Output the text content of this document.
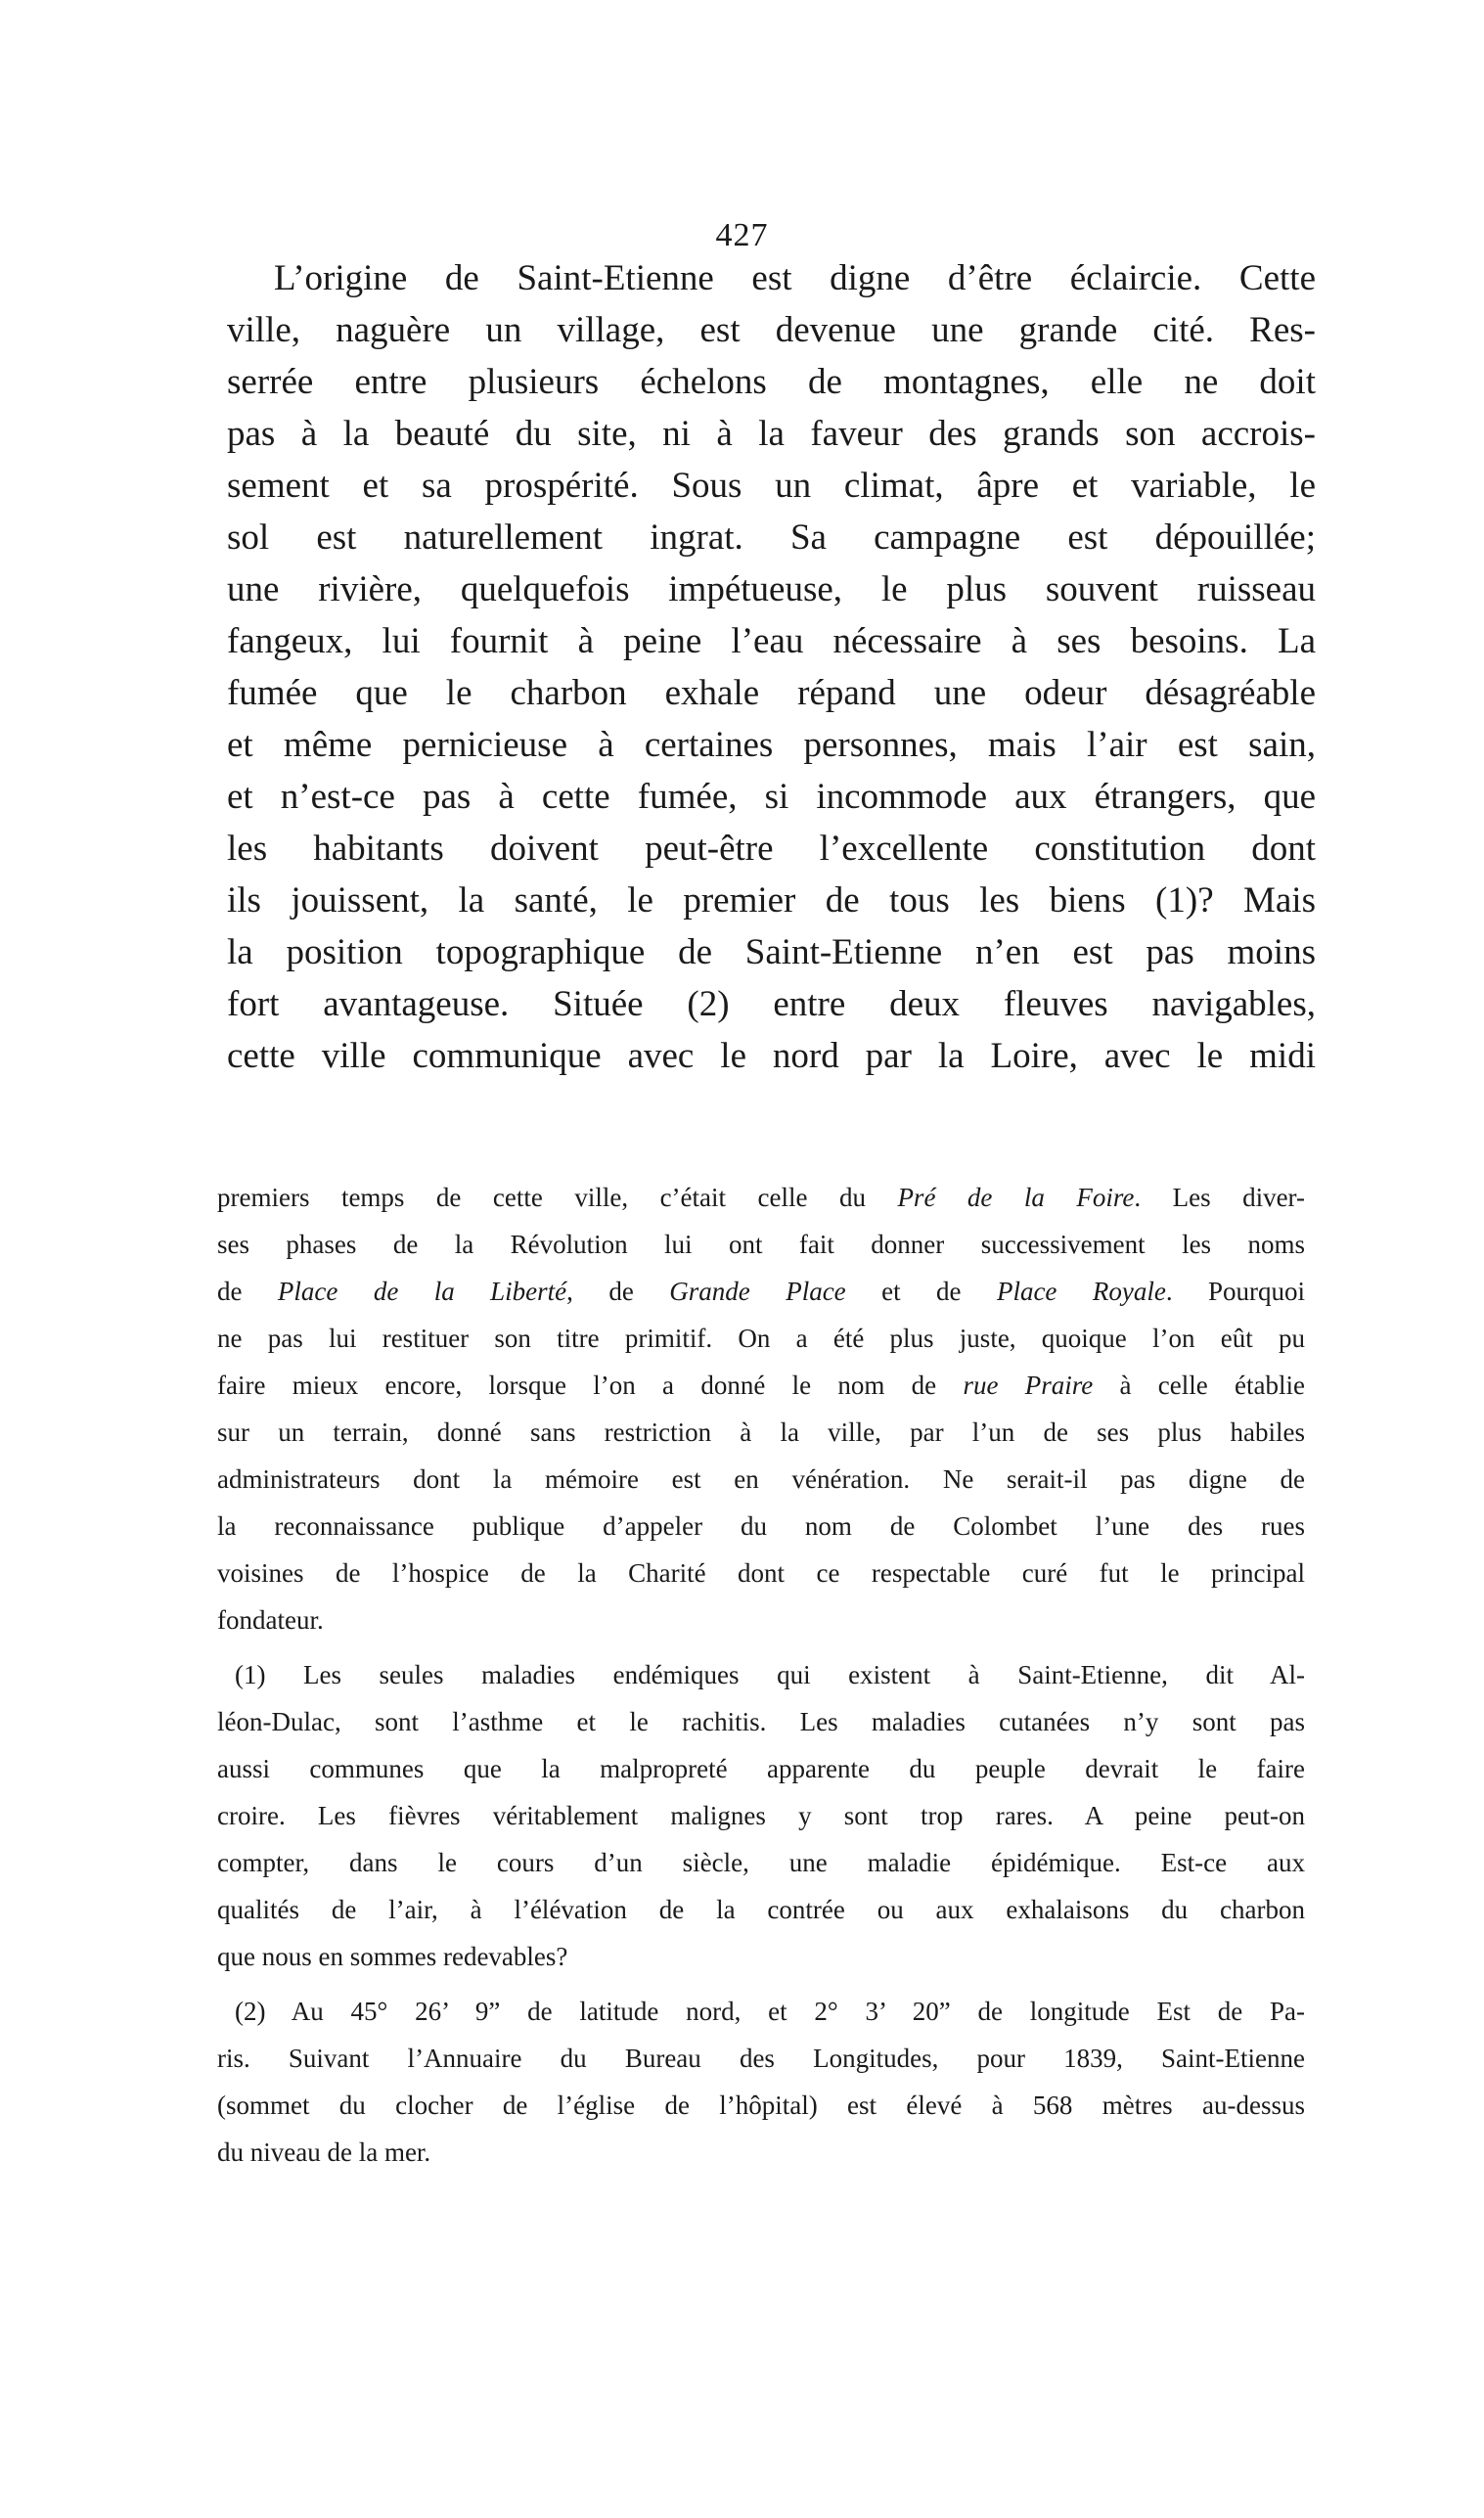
427
L’origine de Saint-Etienne est digne d’être éclaircie. Cette
ville, naguère un village, est devenue une grande cité. Res-
serrée entre plusieurs échelons de montagnes, elle ne doit
pas à la beauté du site, ni à la faveur des grands son accrois-
sement et sa prospérité. Sous un climat, âpre et variable, le
sol est naturellement ingrat. Sa campagne est dépouillée;
une rivière, quelquefois impétueuse, le plus souvent ruisseau
fangeux, lui fournit à peine l’eau nécessaire à ses besoins. La
fumée que le charbon exhale répand une odeur désagréable
et même pernicieuse à certaines personnes, mais l’air est sain,
et n’est-ce pas à cette fumée, si incommode aux étrangers, que
les habitants doivent peut-être l’excellente constitution dont
ils jouissent, la santé, le premier de tous les biens (1)? Mais
la position topographique de Saint-Etienne n’en est pas moins
fort avantageuse. Située (2) entre deux fleuves navigables,
cette ville communique avec le nord par la Loire, avec le midi
premiers temps de cette ville, c’était celle du Pré de la Foire. Les diver-
ses phases de la Révolution lui ont fait donner successivement les noms
de Place de la Liberté, de Grande Place et de Place Royale. Pourquoi
ne pas lui restituer son titre primitif. On a été plus juste, quoique l’on eût pu
faire mieux encore, lorsque l’on a donné le nom de rue Praire à celle établie
sur un terrain, donné sans restriction à la ville, par l’un de ses plus habiles
administrateurs dont la mémoire est en vénération. Ne serait-il pas digne de
la reconnaissance publique d’appeler du nom de Colombet l’une des rues
voisines de l’hospice de la Charité dont ce respectable curé fut le principal
fondateur.
(1) Les seules maladies endémiques qui existent à Saint-Etienne, dit Al-
léon-Dulac, sont l’asthme et le rachitis. Les maladies cutanées n’y sont pas
aussi communes que la malpropreté apparente du peuple devrait le faire
croire. Les fièvres véritablement malignes y sont trop rares. A peine peut-on
compter, dans le cours d’un siècle, une maladie épidémique. Est-ce aux
qualités de l’air, à l’élévation de la contrée ou aux exhalaisons du charbon
que nous en sommes redevables?
(2) Au 45° 26’ 9” de latitude nord, et 2° 3’ 20” de longitude Est de Pa-
ris. Suivant l’Annuaire du Bureau des Longitudes, pour 1839, Saint-Etienne
(sommet du clocher de l’église de l’hôpital) est élevé à 568 mètres au-dessus
du niveau de la mer.
